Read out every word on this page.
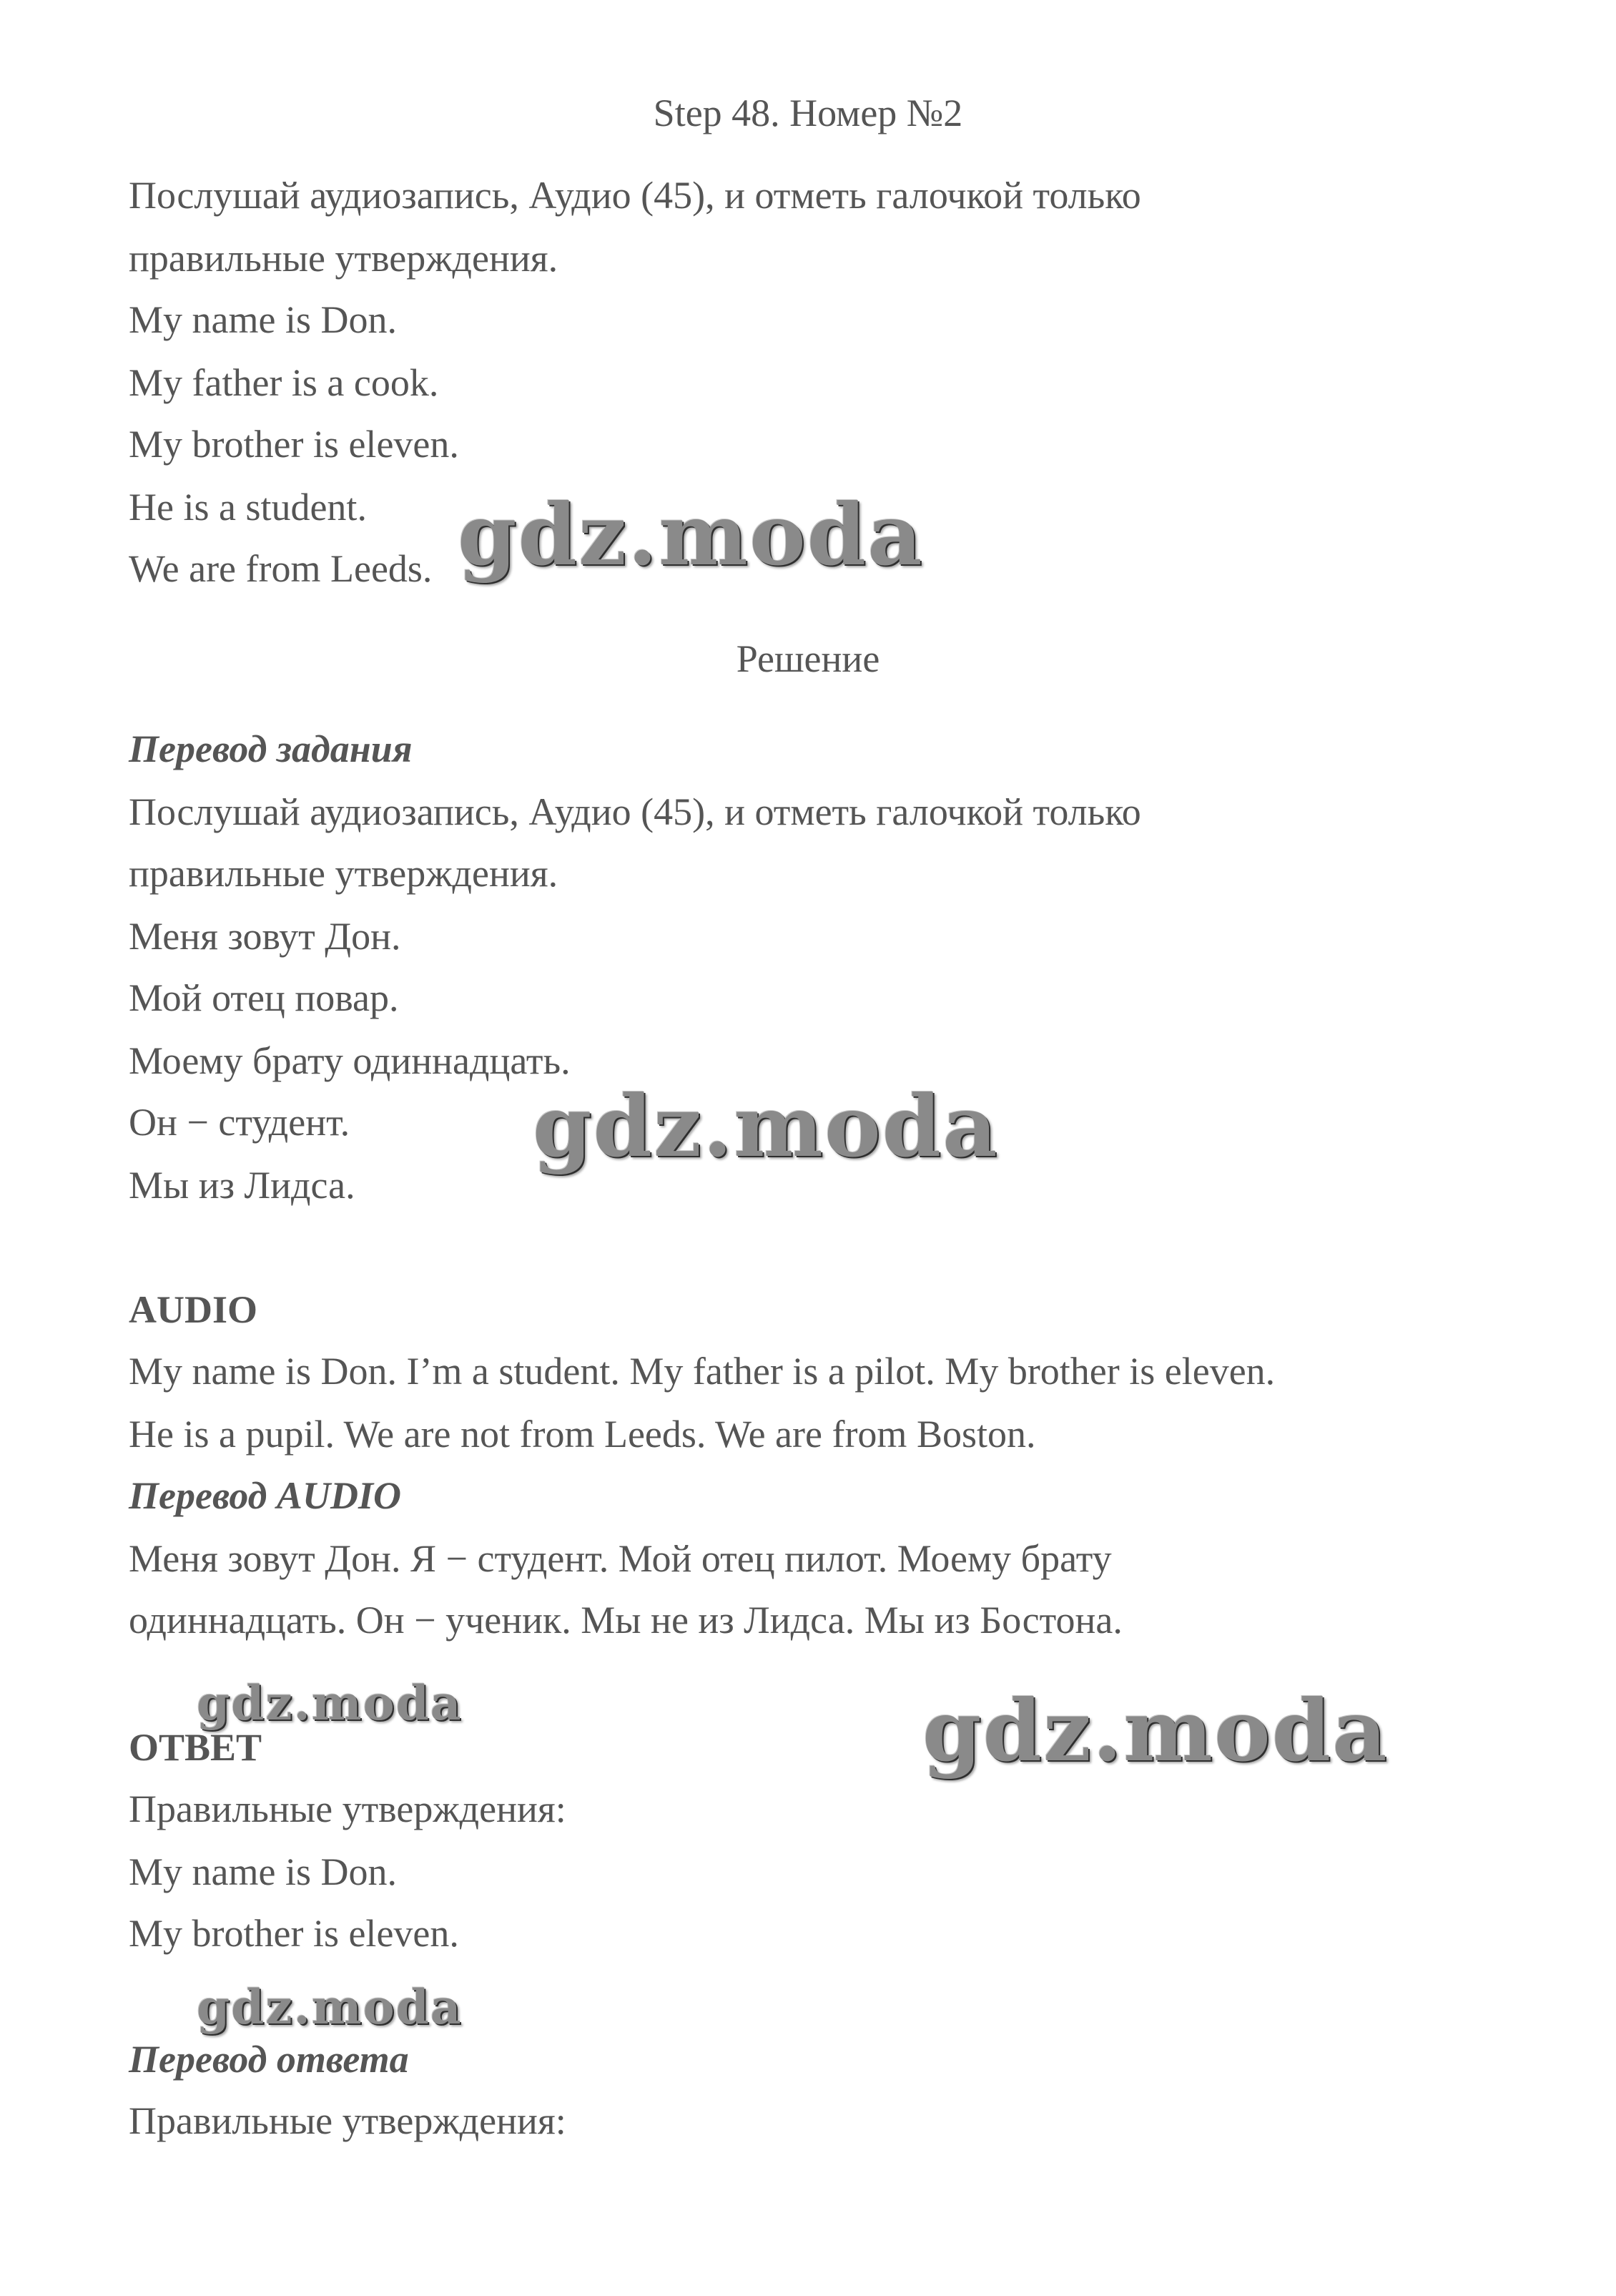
Step 48. Номер №2
Послушай аудиозапись, Аудио (45), и отметь галочкой только
правильные утверждения.
My name is Don.
My father is a cook.
My brother is eleven.
He is a student.
We are from Leeds.
Решение
Перевод задания
Послушай аудиозапись, Аудио (45), и отметь галочкой только
правильные утверждения.
Меня зовут Дон.
Мой отец повар.
Моему брату одиннадцать.
Он − студент.
Мы из Лидса.
AUDIO
My name is Don. I’m a student. My father is a pilot. My brother is eleven.
He is a pupil. We are not from Leeds. We are from Boston.
Перевод AUDIO
Меня зовут Дон. Я − студент. Мой отец пилот. Моему брату
одиннадцать. Он − ученик. Мы не из Лидса. Мы из Бостона.
ОТВЕТ
Правильные утверждения:
My name is Don.
My brother is eleven.
Перевод ответа
Правильные утверждения:
gdz.moda
gdz.moda
gdz.moda
gdz.moda
gdz.moda
